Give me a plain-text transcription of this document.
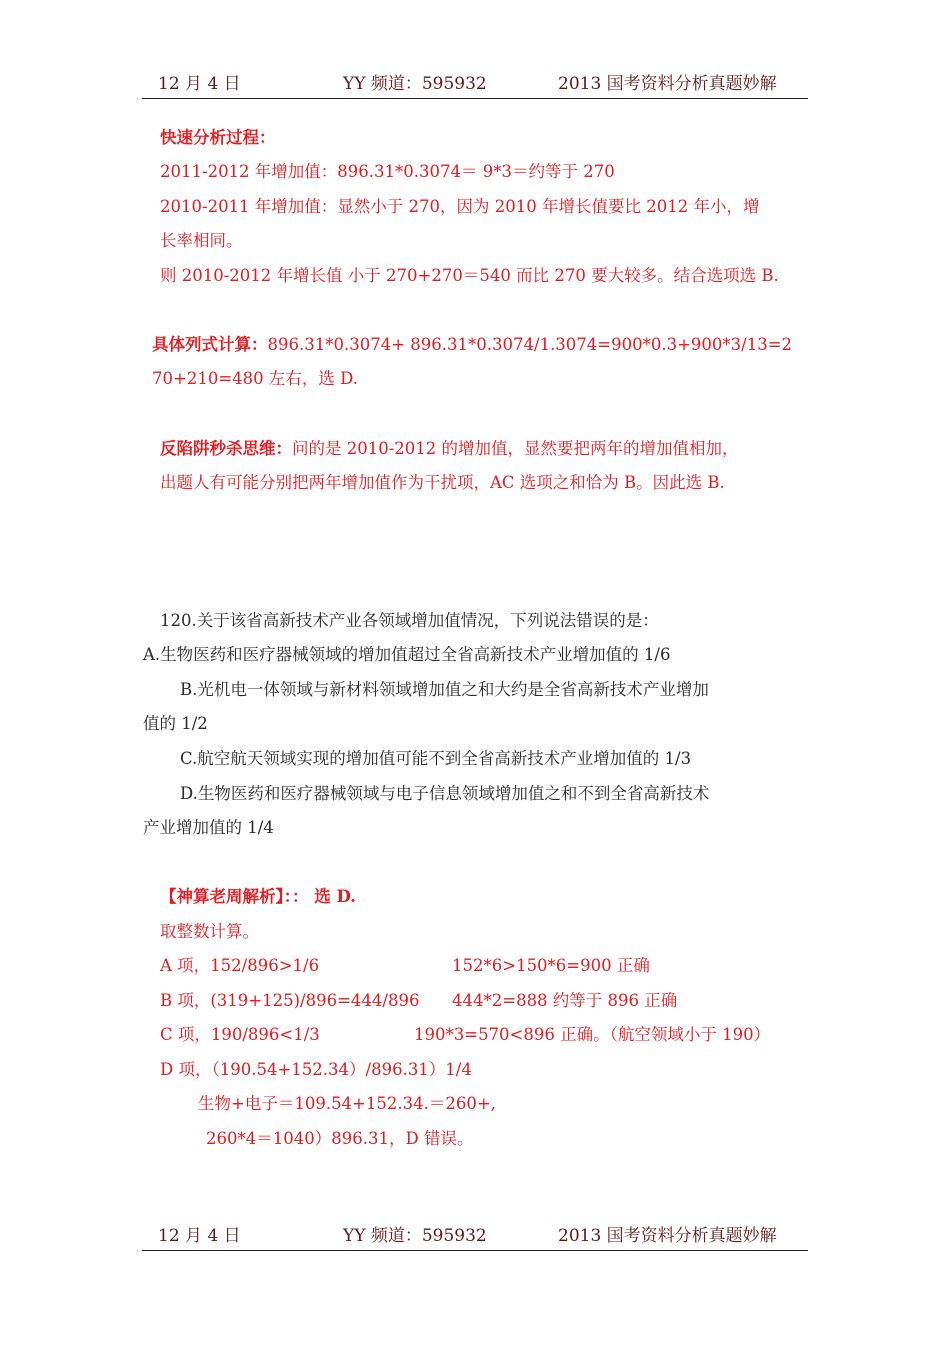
12 月 4 日	YY 频道：595932	2013 国考资料分析真题妙解
快速分析过程：
2011-2012 年增加值：896.31*0.3074＝ 9*3＝约等于 270
2010-2011 年增加值：显然小于 270，因为 2010 年增长值要比 2012 年小，增
长率相同。
则 2010-2012 年增长值 小于 270+270＝540 而比 270 要大较多。结合选项选 B.
具体列式计算：896.31*0.3074+ 896.31*0.3074/1.3074=900*0.3+900*3/13=2
70+210=480 左右，选 D.
反陷阱秒杀思维：问的是 2010-2012 的增加值，显然要把两年的增加值相加，
出题人有可能分别把两年增加值作为干扰项，AC 选项之和恰为 B。因此选 B.
120.关于该省高新技术产业各领域增加值情况，下列说法错误的是：
A.生物医药和医疗器械领域的增加值超过全省高新技术产业增加值的 1/6
B.光机电一体领域与新材料领域增加值之和大约是全省高新技术产业增加
值的 1/2
C.航空航天领域实现的增加值可能不到全省高新技术产业增加值的 1/3
D.生物医药和医疗器械领域与电子信息领域增加值之和不到全省高新技术
产业增加值的 1/4
【神算老周解析】：： 选 D.
取整数计算。
A 项，152/896>1/6	152*6>150*6=900 正确
B 项，(319+125)/896=444/896 444*2=888 约等于 896 正确
C 项，190/896<1/3	190*3=570<896 正确。（航空领域小于 190）
D 项，（190.54+152.34）/896.31）1/4
生物+电子＝109.54+152.34.＝260+,
260*4＝1040）896.31，D 错误。
12 月 4 日	YY 频道：595932	2013 国考资料分析真题妙解
